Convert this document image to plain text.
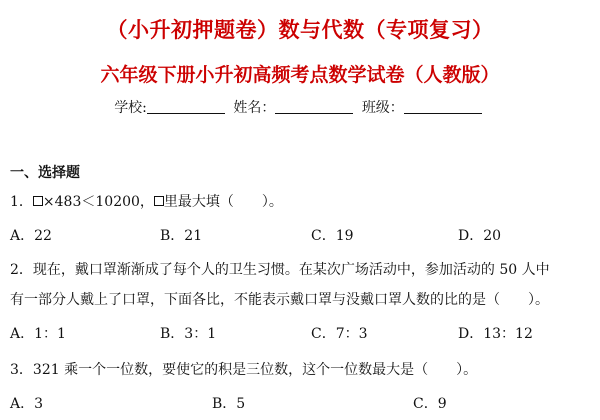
（小升初押题卷）数与代数（专项复习）
六年级下册小升初高频考点数学试卷（人教版）
学校:	姓名：	班级：
一、选择题
1． ×483＜10200， 里最大填（　　）。
A．22	B．21	C．19	D．20
2．现在，戴口罩渐渐成了每个人的卫生习惯。在某次广场活动中，参加活动的 50 人中
有一部分人戴上了口罩，下面各比，不能表示戴口罩与没戴口罩人数的比的是（　　）。
A．1：1	B．3：1	C．7：3	D．13：12
3．321 乘一个一位数，要使它的积是三位数，这个一位数最大是（　　）。
A．3	B．5	C．9
